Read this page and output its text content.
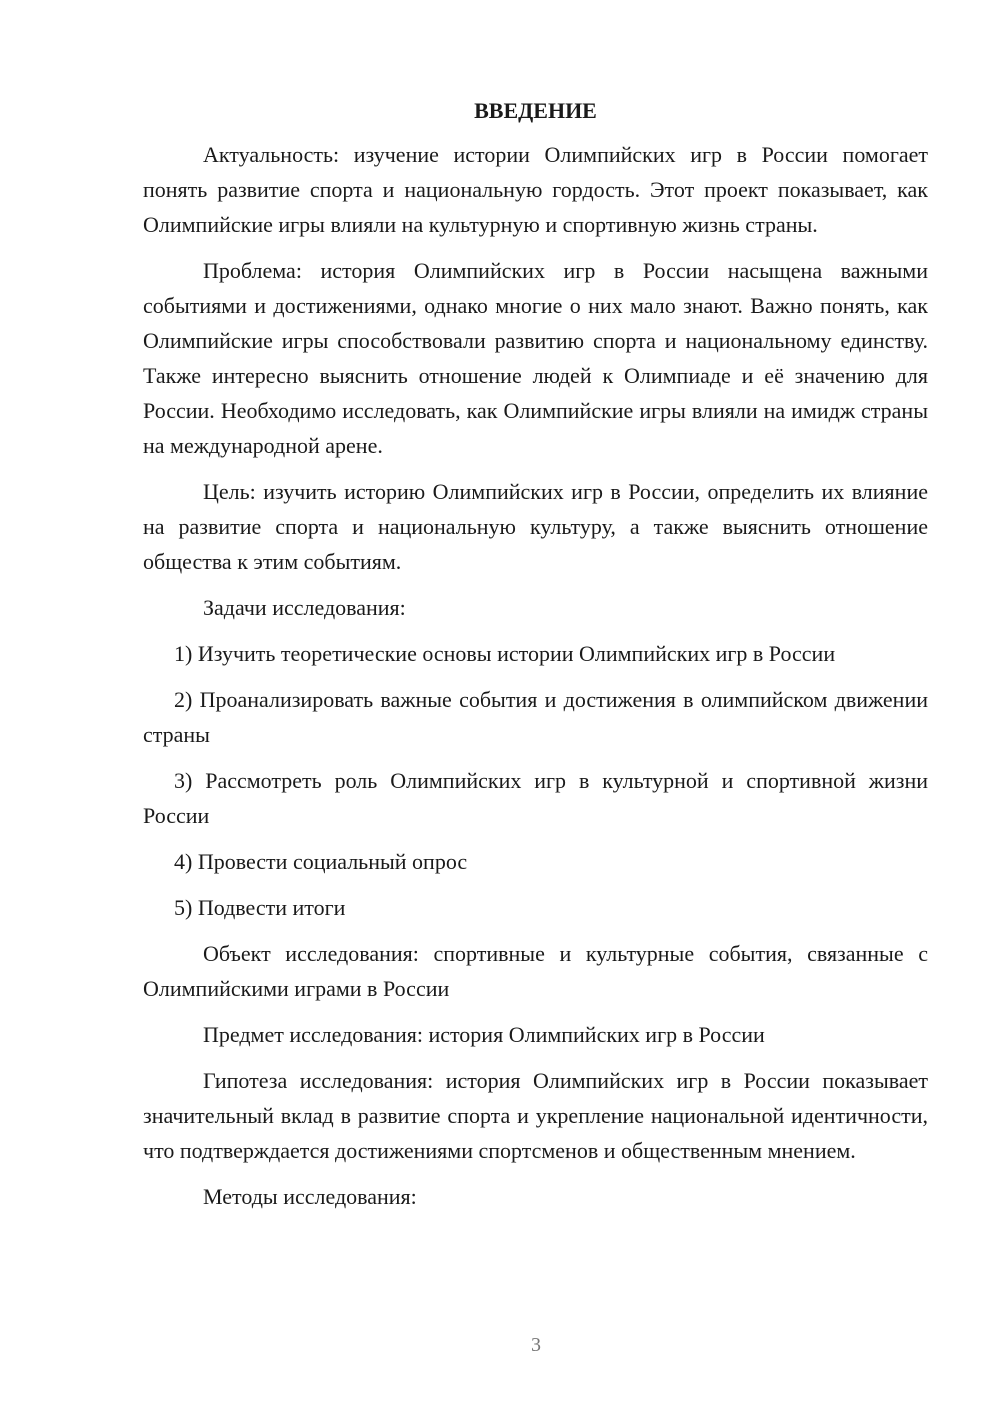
ВВЕДЕНИЕ

Актуальность: изучение истории Олимпийских игр в России помогает понять развитие спорта и национальную гордость. Этот проект показывает, как Олимпийские игры влияли на культурную и спортивную жизнь страны.

Проблема: история Олимпийских игр в России насыщена важными событиями и достижениями, однако многие о них мало знают. Важно понять, как Олимпийские игры способствовали развитию спорта и национальному единству. Также интересно выяснить отношение людей к Олимпиаде и её значению для России. Необходимо исследовать, как Олимпийские игры влияли на имидж страны на международной арене.

Цель: изучить историю Олимпийских игр в России, определить их влияние на развитие спорта и национальную культуру, а также выяснить отношение общества к этим событиям.

Задачи исследования:

1) Изучить теоретические основы истории Олимпийских игр в России

2) Проанализировать важные события и достижения в олимпийском движении страны

3) Рассмотреть роль Олимпийских игр в культурной и спортивной жизни России

4) Провести социальный опрос

5) Подвести итоги

Объект исследования: спортивные и культурные события, связанные с Олимпийскими играми в России

Предмет исследования: история Олимпийских игр в России

Гипотеза исследования: история Олимпийских игр в России показывает значительный вклад в развитие спорта и укрепление национальной идентичности, что подтверждается достижениями спортсменов и общественным мнением.

Методы исследования:

3
